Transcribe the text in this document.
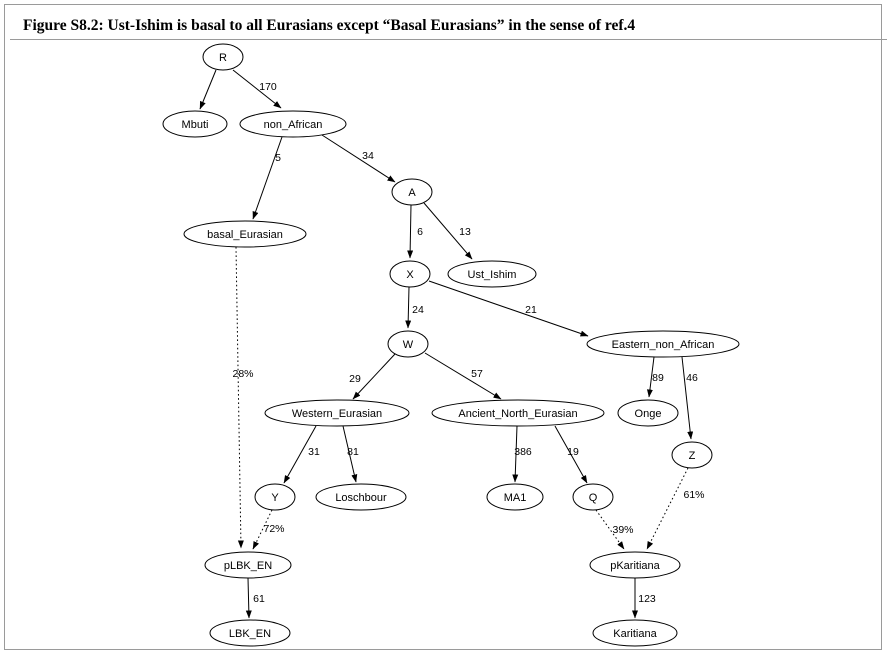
Figure S8.2: Ust-Ishim is basal to all Eurasians except “Basal Eurasians” in the sense of ref.4
170
5	34
6	13
24	21
29	57	89 46
31	81	386	19
28%
72%	39%
61%
61	123
R
Mbuti	non_African
basal_Eurasian
A
Ust_Ishim
X
W	Eastern_non_African
Western_Eurasian	Ancient_North_Eurasian	Onge
Z
Y	Loschbour	MA1	Q
pLBK_EN	pKaritiana
LBK_EN	Karitiana
